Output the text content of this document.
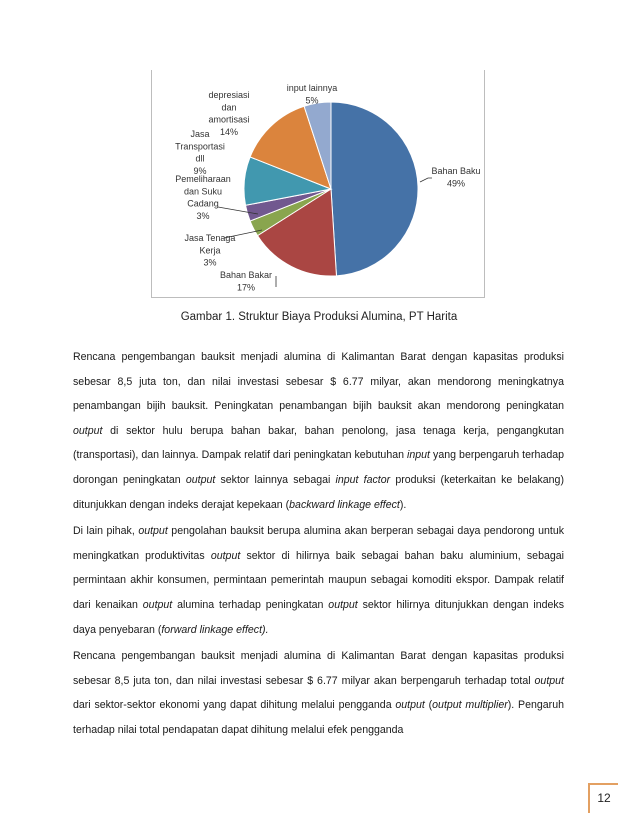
Bahan Baku 49%
Bahan Bakar 17%
Jasa Tenaga Kerja 3%
Pemeliharaan dan Suku Cadang 3%
Jasa Transportasi dll 9%
depresiasi dan amortisasi 14%
input lainnya 5%
Gambar 1. Struktur Biaya Produksi Alumina, PT Harita

Rencana pengembangan bauksit menjadi alumina di Kalimantan Barat dengan kapasitas produksi sebesar 8,5 juta ton, dan nilai investasi sebesar $ 6.77 milyar, akan mendorong meningkatnya penambangan bijih bauksit. Peningkatan penambangan bijih bauksit akan mendorong peningkatan output di sektor hulu berupa bahan bakar, bahan penolong, jasa tenaga kerja, pengangkutan (transportasi), dan lainnya. Dampak relatif dari peningkatan kebutuhan input yang berpengaruh terhadap dorongan peningkatan output sektor lainnya sebagai input factor produksi (keterkaitan ke belakang) ditunjukkan dengan indeks derajat kepekaan (backward linkage effect).

Di lain pihak, output pengolahan bauksit berupa alumina akan berperan sebagai daya pendorong untuk meningkatkan produktivitas output sektor di hilirnya baik sebagai bahan baku aluminium, sebagai permintaan akhir konsumen, permintaan pemerintah maupun sebagai komoditi ekspor. Dampak relatif dari kenaikan output alumina terhadap peningkatan output sektor hilirnya ditunjukkan dengan indeks daya penyebaran (forward linkage effect).

Rencana pengembangan bauksit menjadi alumina di Kalimantan Barat dengan kapasitas produksi sebesar 8,5 juta ton, dan nilai investasi sebesar $ 6.77 milyar akan berpengaruh terhadap total output dari sektor-sektor ekonomi yang dapat dihitung melalui pengganda output (output multiplier). Pengaruh terhadap nilai total pendapatan dapat dihitung melalui efek pengganda

12
